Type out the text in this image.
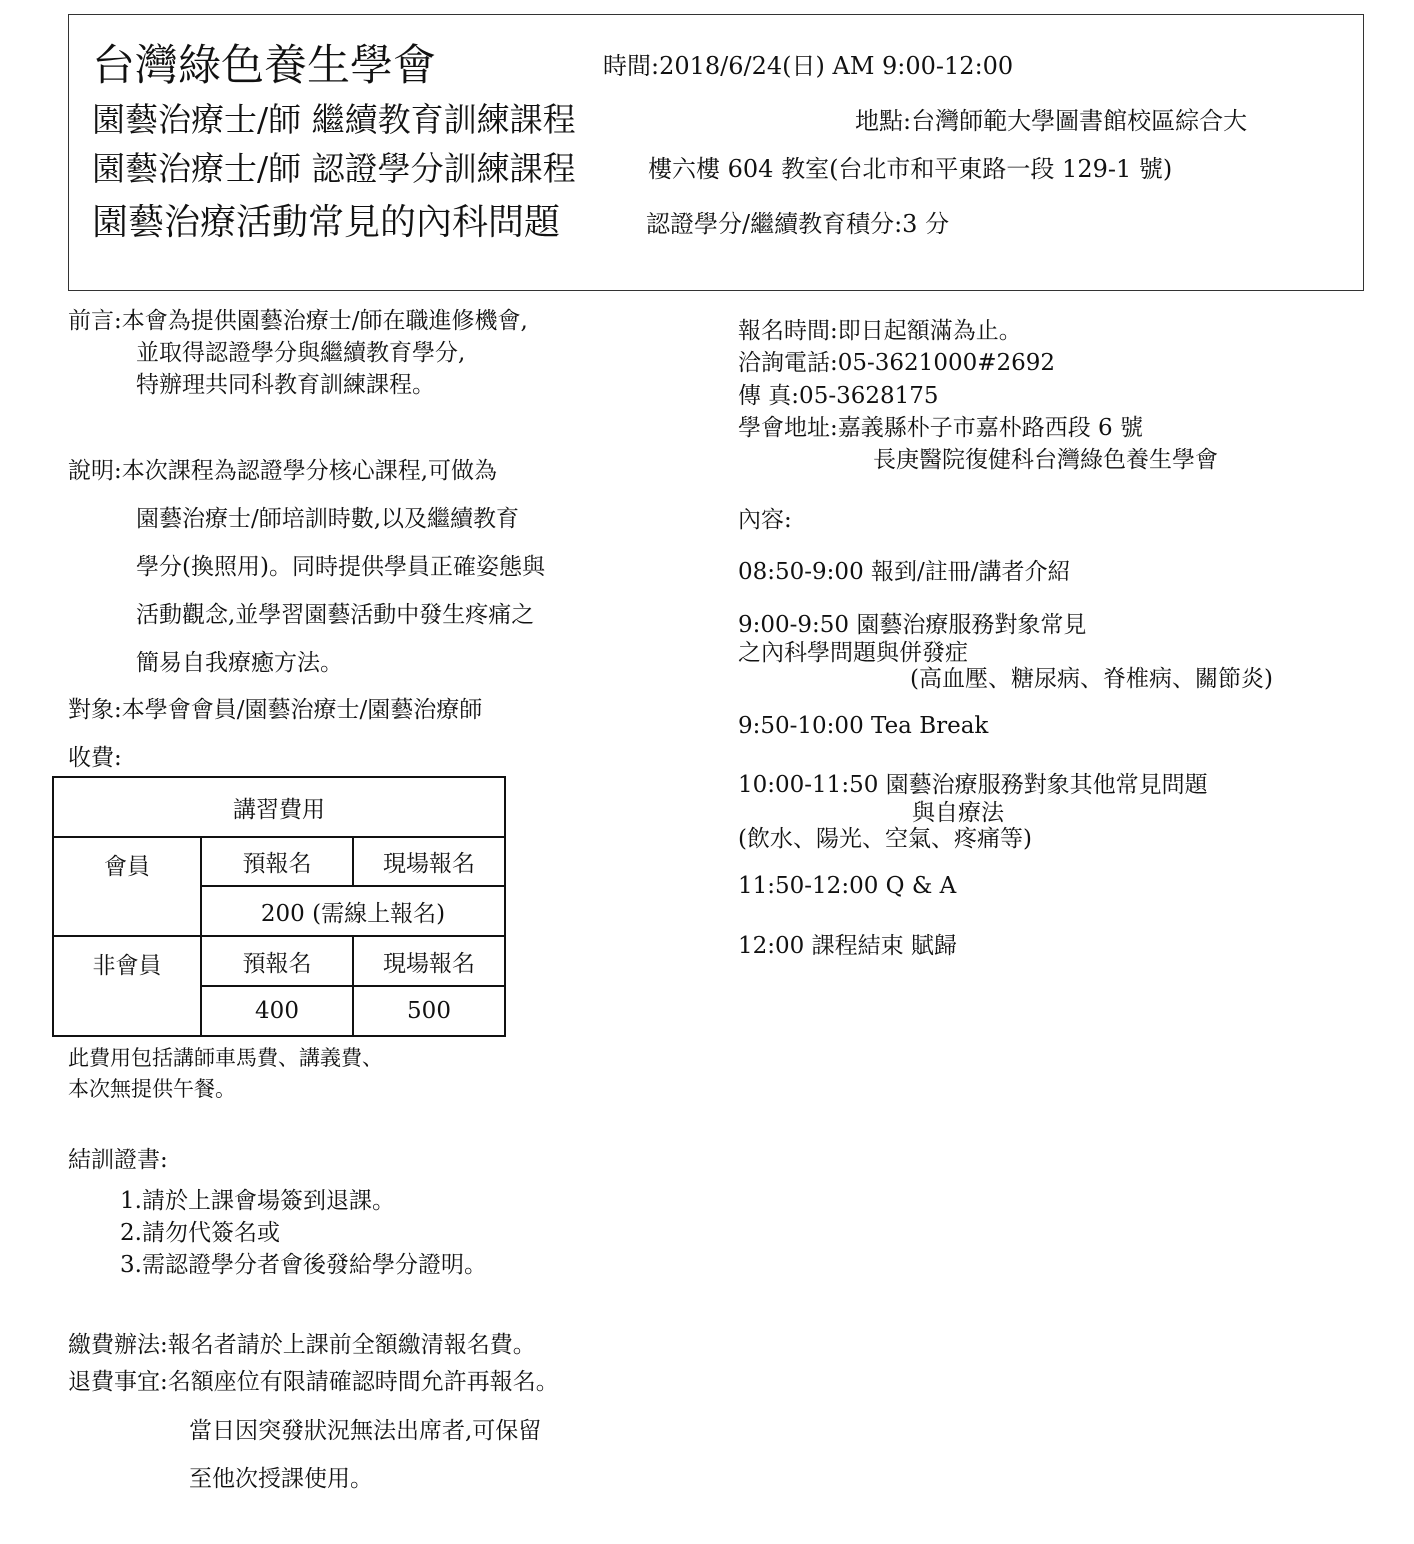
台灣綠色養生學會	時間:2018/6/24(日) AM 9:00-12:00
園藝治療士/師 繼續教育訓練課程	地點:台灣師範大學圖書館校區綜合大
園藝治療士/師 認證學分訓練課程	樓六樓 604 教室(台北市和平東路一段 129-1 號)
園藝治療活動常見的內科問題	認證學分/繼續教育積分:3 分
前言:本會為提供園藝治療士/師在職進修機會,
並取得認證學分與繼續教育學分,
特辦理共同科教育訓練課程。
說明:本次課程為認證學分核心課程,可做為
園藝治療士/師培訓時數,以及繼續教育
學分(換照用)。同時提供學員正確姿態與
活動觀念,並學習園藝活動中發生疼痛之
簡易自我療癒方法。
對象:本學會會員/園藝治療士/園藝治療師
收費:
講習費用		
會員	預報名	現場報名
	200 (需線上報名)	
非會員	預報名	現場報名
	400	500
此費用包括講師車馬費、講義費、
本次無提供午餐。
結訓證書:
1.請於上課會場簽到退課。
2.請勿代簽名或
3.需認證學分者會後發給學分證明。
繳費辦法:報名者請於上課前全額繳清報名費。
退費事宜:名額座位有限請確認時間允許再報名。
當日因突發狀況無法出席者,可保留
至他次授課使用。
報名時間:即日起額滿為止。
洽詢電話:05-3621000#2692
傳 真:05-3628175
學會地址:嘉義縣朴子市嘉朴路西段 6 號
長庚醫院復健科台灣綠色養生學會
內容:
08:50-9:00 報到/註冊/講者介紹
9:00-9:50 園藝治療服務對象常見
之內科學問題與併發症
(高血壓、糖尿病、脊椎病、關節炎)
9:50-10:00 Tea Break
10:00-11:50 園藝治療服務對象其他常見問題
與自療法
(飲水、陽光、空氣、疼痛等)
11:50-12:00 Q & A
12:00 課程結束 賦歸
